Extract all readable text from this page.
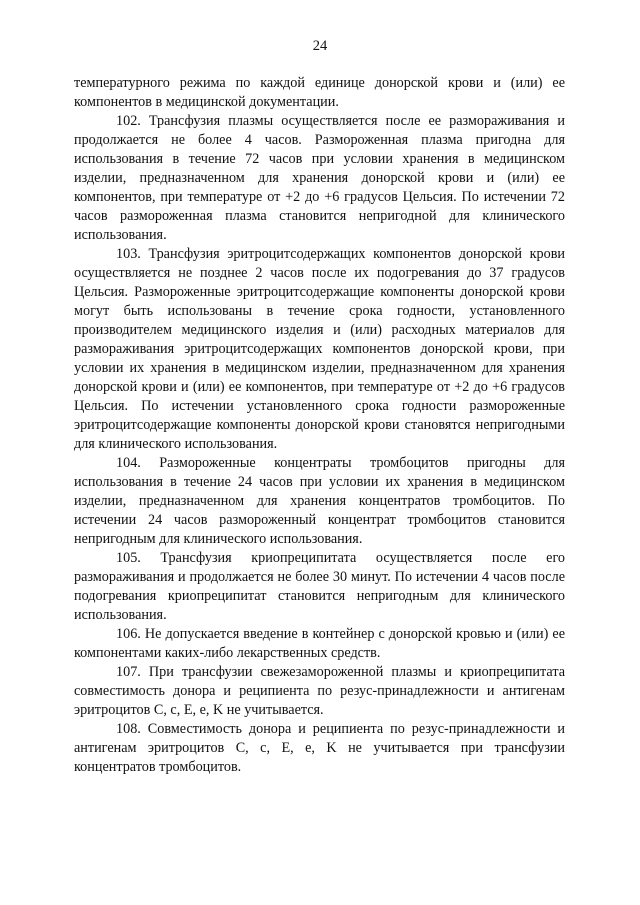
24

температурного режима по каждой единице донорской крови и (или) ее компонентов в медицинской документации.

102. Трансфузия плазмы осуществляется после ее размораживания и продолжается не более 4 часов. Размороженная плазма пригодна для использования в течение 72 часов при условии хранения в медицинском изделии, предназначенном для хранения донорской крови и (или) ее компонентов, при температуре от +2 до +6 градусов Цельсия. По истечении 72 часов размороженная плазма становится непригодной для клинического использования.

103. Трансфузия эритроцитсодержащих компонентов донорской крови осуществляется не позднее 2 часов после их подогревания до 37 градусов Цельсия. Размороженные эритроцитсодержащие компоненты донорской крови могут быть использованы в течение срока годности, установленного производителем медицинского изделия и (или) расходных материалов для размораживания эритроцитсодержащих компонентов донорской крови, при условии их хранения в медицинском изделии, предназначенном для хранения донорской крови и (или) ее компонентов, при температуре от +2 до +6 градусов Цельсия. По истечении установленного срока годности размороженные эритроцитсодержащие компоненты донорской крови становятся непригодными для клинического использования.

104. Размороженные концентраты тромбоцитов пригодны для использования в течение 24 часов при условии их хранения в медицинском изделии, предназначенном для хранения концентратов тромбоцитов. По истечении 24 часов размороженный концентрат тромбоцитов становится непригодным для клинического использования.

105. Трансфузия криопреципитата осуществляется после его размораживания и продолжается не более 30 минут. По истечении 4 часов после подогревания криопреципитат становится непригодным для клинического использования.

106. Не допускается введение в контейнер с донорской кровью и (или) ее компонентами каких-либо лекарственных средств.

107. При трансфузии свежезамороженной плазмы и криопреципитата совместимость донора и реципиента по резус-принадлежности и антигенам эритроцитов C, c, E, e, K не учитывается.

108. Совместимость донора и реципиента по резус-принадлежности и антигенам эритроцитов C, c, E, e, K не учитывается при трансфузии концентратов тромбоцитов.
